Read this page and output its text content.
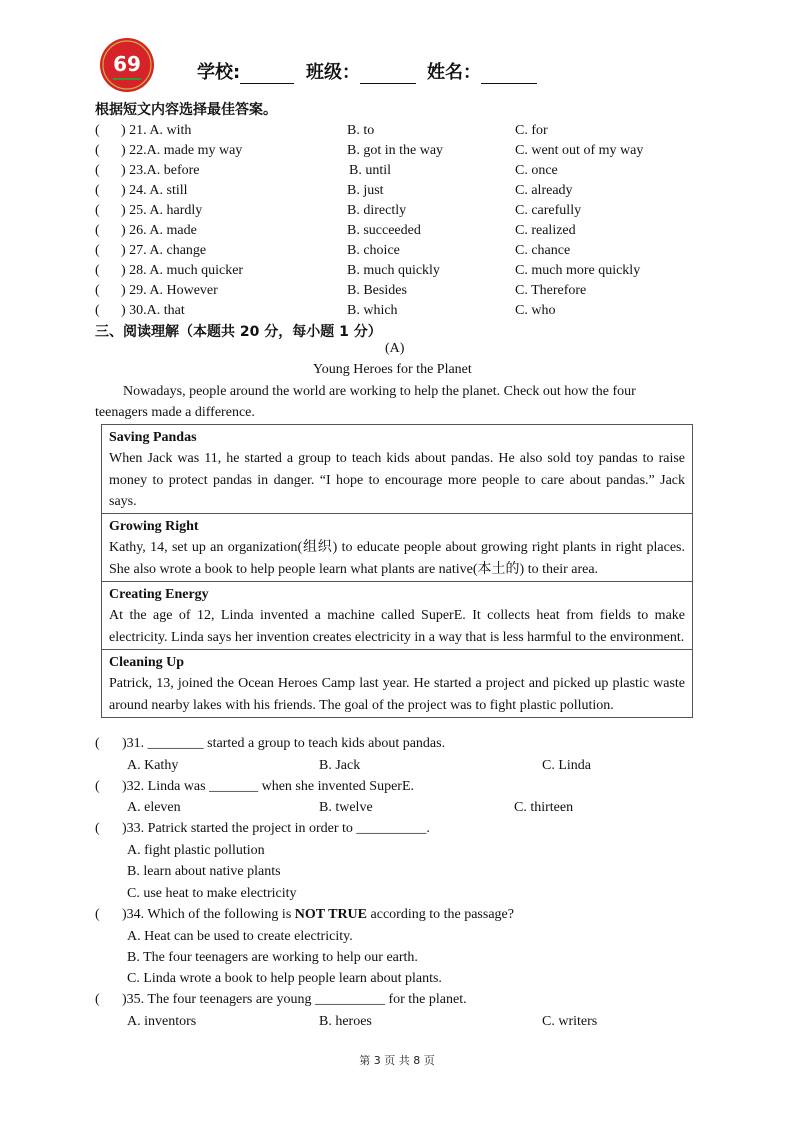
69	学校:	班级：	姓名：
根据短文内容选择最佳答案。
( ) 21. A. with	B. to	C. for
( ) 22.A. made my way	B. got in the way	C. went out of my way
( ) 23.A. before	B. until	C. once
( ) 24. A. still	B. just	C. already
( ) 25. A. hardly	B. directly	C. carefully
( ) 26. A. made	B. succeeded	C. realized
( ) 27. A. change	B. choice	C. chance
( ) 28. A. much quicker	B. much quickly	C. much more quickly
( ) 29. A. However	B. Besides	C. Therefore
( ) 30.A. that	B. which	C. who
三、阅读理解（本题共 20 分，每小题 1 分）
(A)
Young Heroes for the Planet
Nowadays, people around the world are working to help the planet. Check out how the four
teenagers made a difference.
Saving Pandas
When Jack was 11, he started a group to teach kids about pandas. He also sold toy pandas to raise money to protect pandas in danger. “I hope to encourage more people to care about pandas.” Jack says.
Growing Right
Kathy, 14, set up an organization(组织) to educate people about growing right plants in right places. She also wrote a book to help people learn what plants are native(本土的) to their area.
Creating Energy
At the age of 12, Linda invented a machine called SuperE. It collects heat from fields to make electricity. Linda says her invention creates electricity in a way that is less harmful to the environment.
Cleaning Up
Patrick, 13, joined the Ocean Heroes Camp last year. He started a project and picked up plastic waste around nearby lakes with his friends. The goal of the project was to fight plastic pollution.
( )31. ________ started a group to teach kids about pandas.
A. Kathy	B. Jack	C. Linda
( )32. Linda was _______ when she invented SuperE.
A. eleven	B. twelve	C. thirteen
( )33. Patrick started the project in order to __________.
A. fight plastic pollution
B. learn about native plants
C. use heat to make electricity
( )34. Which of the following is NOT TRUE according to the passage?
A. Heat can be used to create electricity.
B. The four teenagers are working to help our earth.
C. Linda wrote a book to help people learn about plants.
( )35. The four teenagers are young __________ for the planet.
A. inventors	B. heroes	C. writers
第 3 页 共 8 页
